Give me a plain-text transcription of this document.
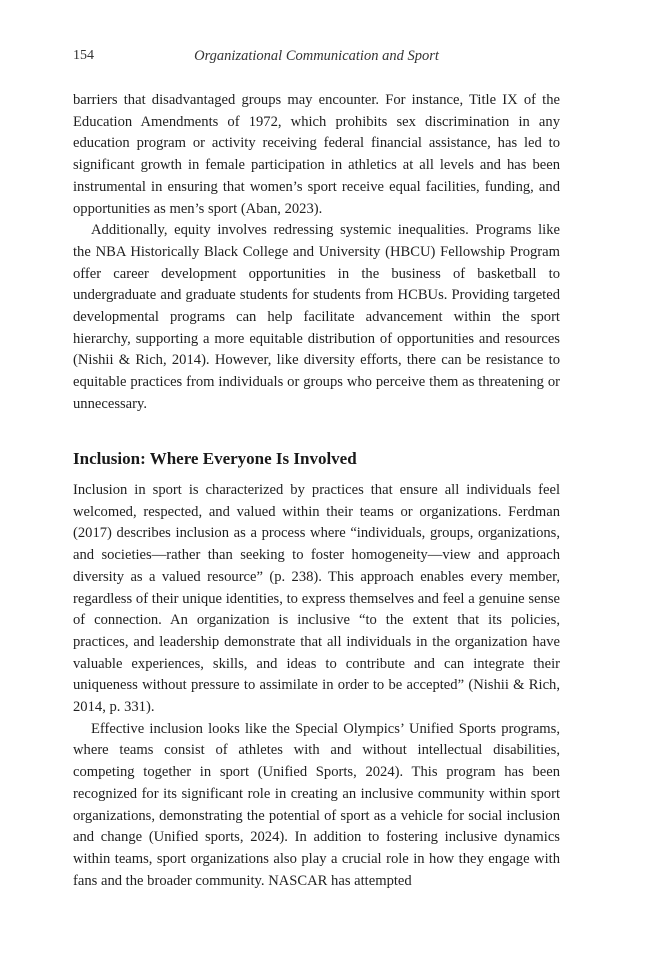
154	Organizational Communication and Sport

barriers that disadvantaged groups may encounter. For instance, Title IX of the Education Amendments of 1972, which prohibits sex discrimination in any education program or activity receiving federal financial assistance, has led to significant growth in female participation in athletics at all levels and has been instrumental in ensuring that women’s sport receive equal facilities, funding, and opportunities as men’s sport (Aban, 2023).

Additionally, equity involves redressing systemic inequalities. Programs like the NBA Historically Black College and University (HBCU) Fellowship Program offer career development opportunities in the business of basketball to undergraduate and graduate students for students from HCBUs. Providing targeted developmental programs can help facilitate advancement within the sport hierarchy, supporting a more equitable distribution of opportunities and resources (Nishii & Rich, 2014). However, like diversity efforts, there can be resistance to equitable practices from individuals or groups who perceive them as threatening or unnecessary.

Inclusion: Where Everyone Is Involved

Inclusion in sport is characterized by practices that ensure all individuals feel welcomed, respected, and valued within their teams or organizations. Ferdman (2017) describes inclusion as a process where “individuals, groups, organizations, and societies—rather than seeking to foster homogeneity—view and approach diversity as a valued resource” (p. 238). This approach enables every member, regardless of their unique identities, to express themselves and feel a genuine sense of connection. An organization is inclusive “to the extent that its policies, practices, and leadership demonstrate that all individuals in the organization have valuable experiences, skills, and ideas to contribute and can integrate their uniqueness without pressure to assimilate in order to be accepted” (Nishii & Rich, 2014, p. 331).

Effective inclusion looks like the Special Olympics’ Unified Sports programs, where teams consist of athletes with and without intellectual disabilities, competing together in sport (Unified Sports, 2024). This program has been recognized for its significant role in creating an inclusive community within sport organizations, demonstrating the potential of sport as a vehicle for social inclusion and change (Unified sports, 2024). In addition to fostering inclusive dynamics within teams, sport organizations also play a crucial role in how they engage with fans and the broader community. NASCAR has attempted
